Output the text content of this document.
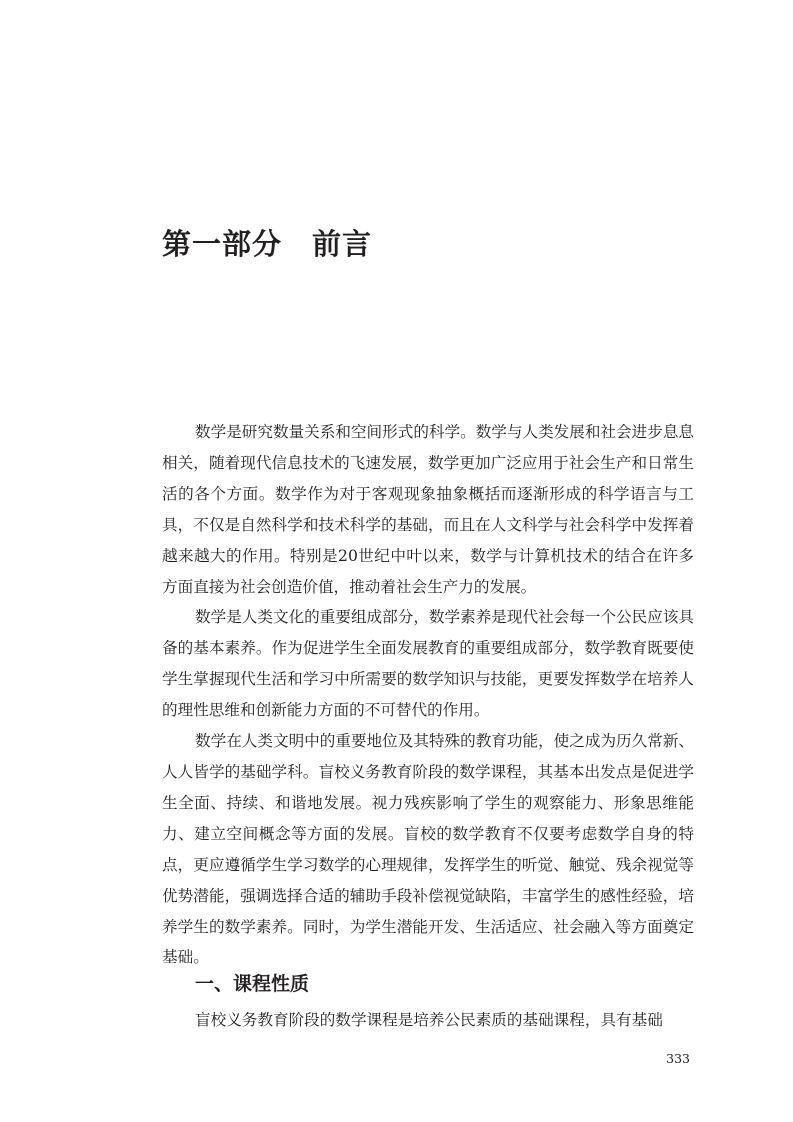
第一部分　前言

数学是研究数量关系和空间形式的科学。数学与人类发展和社会进步息息相关，随着现代信息技术的飞速发展，数学更加广泛应用于社会生产和日常生活的各个方面。数学作为对于客观现象抽象概括而逐渐形成的科学语言与工具，不仅是自然科学和技术科学的基础，而且在人文科学与社会科学中发挥着越来越大的作用。特别是20世纪中叶以来，数学与计算机技术的结合在许多方面直接为社会创造价值，推动着社会生产力的发展。

数学是人类文化的重要组成部分，数学素养是现代社会每一个公民应该具备的基本素养。作为促进学生全面发展教育的重要组成部分，数学教育既要使学生掌握现代生活和学习中所需要的数学知识与技能，更要发挥数学在培养人的理性思维和创新能力方面的不可替代的作用。

数学在人类文明中的重要地位及其特殊的教育功能，使之成为历久常新、人人皆学的基础学科。盲校义务教育阶段的数学课程，其基本出发点是促进学生全面、持续、和谐地发展。视力残疾影响了学生的观察能力、形象思维能力、建立空间概念等方面的发展。盲校的数学教育不仅要考虑数学自身的特点，更应遵循学生学习数学的心理规律，发挥学生的听觉、触觉、残余视觉等优势潜能，强调选择合适的辅助手段补偿视觉缺陷，丰富学生的感性经验，培养学生的数学素养。同时，为学生潜能开发、生活适应、社会融入等方面奠定基础。

一、课程性质

盲校义务教育阶段的数学课程是培养公民素质的基础课程，具有基础

333
